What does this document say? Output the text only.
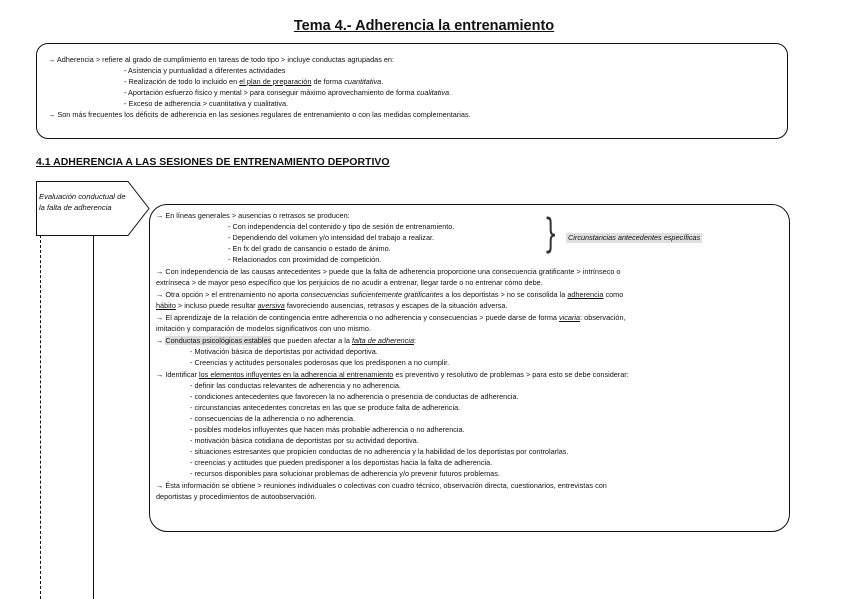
Tema 4.- Adherencia la entrenamiento
→ Adherencia > refiere al grado de cumplimiento en tareas de todo tipo > incluye conductas agrupadas en:
- Asistencia y puntualidad a diferentes actividades
- Realización de todo lo incluido en el plan de preparación de forma cuantitativa.
- Aportación esfuerzo físico y mental > para conseguir máximo aprovechamiento de forma cualitativa.
- Exceso de adherencia > cuantitativa y cualitativa.
→ Son más frecuentes los déficits de adherencia en las sesiones regulares de entrenamiento o con las medidas complementarias.
4.1 ADHERENCIA A LAS SESIONES DE ENTRENAMIENTO DEPORTIVO
Evaluación conductual de la falta de adherencia
→ En líneas generales > ausencias o retrasos se producen:
- Con independencia del contenido y tipo de sesión de entrenamiento.
- Dependiendo del volumen y/o intensidad del trabajo a realizar.
- En fx del grado de cansancio o estado de ánimo.
- Relacionados con proximidad de competición.
} Circunstancias antecedentes específicas
→ Con independencia de las causas antecedentes > puede que la falta de adherencia proporcione una consecuencia gratificante > intrínseco o
extrínseca > de mayor peso específico que los perjuicios de no acudir a entrenar, llegar tarde o no entrenar cómo debe.
→ Otra opción > el entrenamiento no aporta consecuencias suficientemente gratificantes a los deportistas > no se consolida la adherencia como
hábito > incluso puede resultar aversiva favoreciendo ausencias, retrasos y escapes de la situación adversa.
→ El aprendizaje de la relación de contingencia entre adherencia o no adherencia y consecuencias > puede darse de forma vicaria: observación,
imitación y comparación de modelos significativos con uno mismo.
→ Conductas psicológicas estables que pueden afectar a la falta de adherencia:
- Motivación básica de deportistas por actividad deportiva.
- Creencias y actitudes personales poderosas que los predisponen a no cumplir.
→ Identificar los elementos influyentes en la adherencia al entrenamiento es preventivo y resolutivo de problemas > para esto se debe considerar:
- definir las conductas relevantes de adherencia y no adherencia.
- condiciones antecedentes que favorecen la no adherencia o presencia de conductas de adherencia.
- circunstancias antecedentes concretas en las que se produce falta de adherencia.
- consecuencias de la adherencia o no adherencia.
- posibles modelos influyentes que hacen más probable adherencia o no adherencia.
- motivación básica cotidiana de deportistas por su actividad deportiva.
- situaciones estresantes que propicien conductas de no adherencia y la habilidad de los deportistas por controlarlas.
- creencias y actitudes que pueden predisponer a los deportistas hacia la falta de adherencia.
- recursos disponibles para solucionar problemas de adherencia y/o prevenir futuros problemas.
→ Ésta información se obtiene > reuniones individuales o colectivas con cuadro técnico, observación directa, cuestionarios, entrevistas con
deportistas y procedimientos de autoobservación.
